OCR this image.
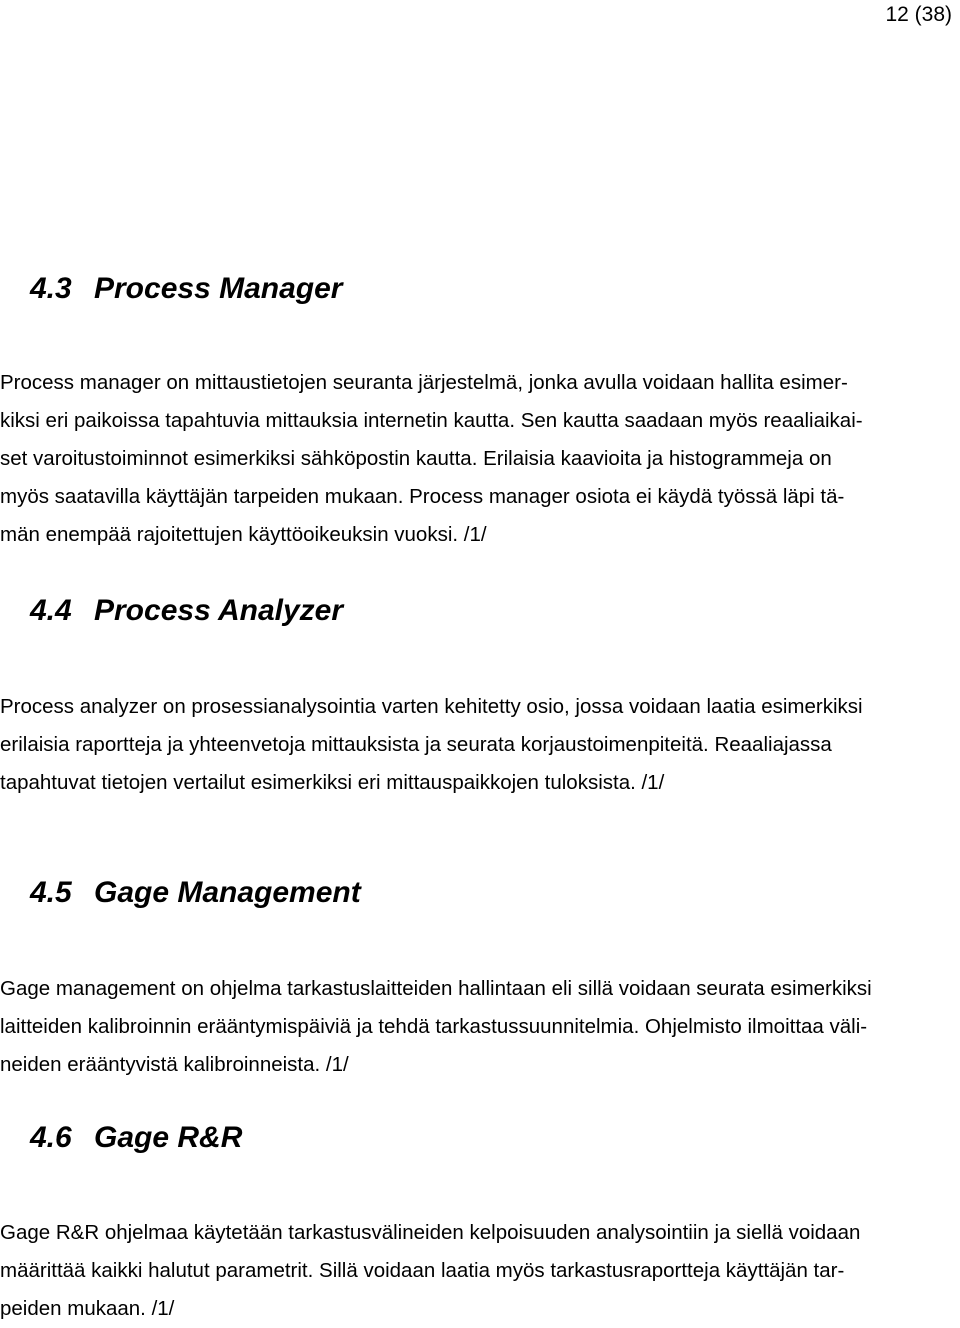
12 (38)
4.3 Process Manager
Process manager on mittaustietojen seuranta järjestelmä, jonka avulla voidaan hallita esimer-
kiksi eri paikoissa tapahtuvia mittauksia internetin kautta. Sen kautta saadaan myös reaaliaikai-
set varoitustoiminnot esimerkiksi sähköpostin kautta. Erilaisia kaavioita ja histogrammeja on
myös saatavilla käyttäjän tarpeiden mukaan. Process manager osiota ei käydä työssä läpi tä-
män enempää rajoitettujen käyttöoikeuksin vuoksi. /1/
4.4 Process Analyzer
Process analyzer on prosessianalysointia varten kehitetty osio, jossa voidaan laatia esimerkiksi
erilaisia raportteja ja yhteenvetoja mittauksista ja seurata korjaustoimenpiteitä. Reaaliajassa
tapahtuvat tietojen vertailut esimerkiksi eri mittauspaikkojen tuloksista. /1/
4.5 Gage Management
Gage management on ohjelma tarkastuslaitteiden hallintaan eli sillä voidaan seurata esimerkiksi
laitteiden kalibroinnin erääntymispäiviä ja tehdä tarkastussuunnitelmia. Ohjelmisto ilmoittaa väli-
neiden erääntyvistä kalibroinneista. /1/
4.6 Gage R&R
Gage R&R ohjelmaa käytetään tarkastusvälineiden kelpoisuuden analysointiin ja siellä voidaan
määrittää kaikki halutut parametrit. Sillä voidaan laatia myös tarkastusraportteja käyttäjän tar-
peiden mukaan. /1/
